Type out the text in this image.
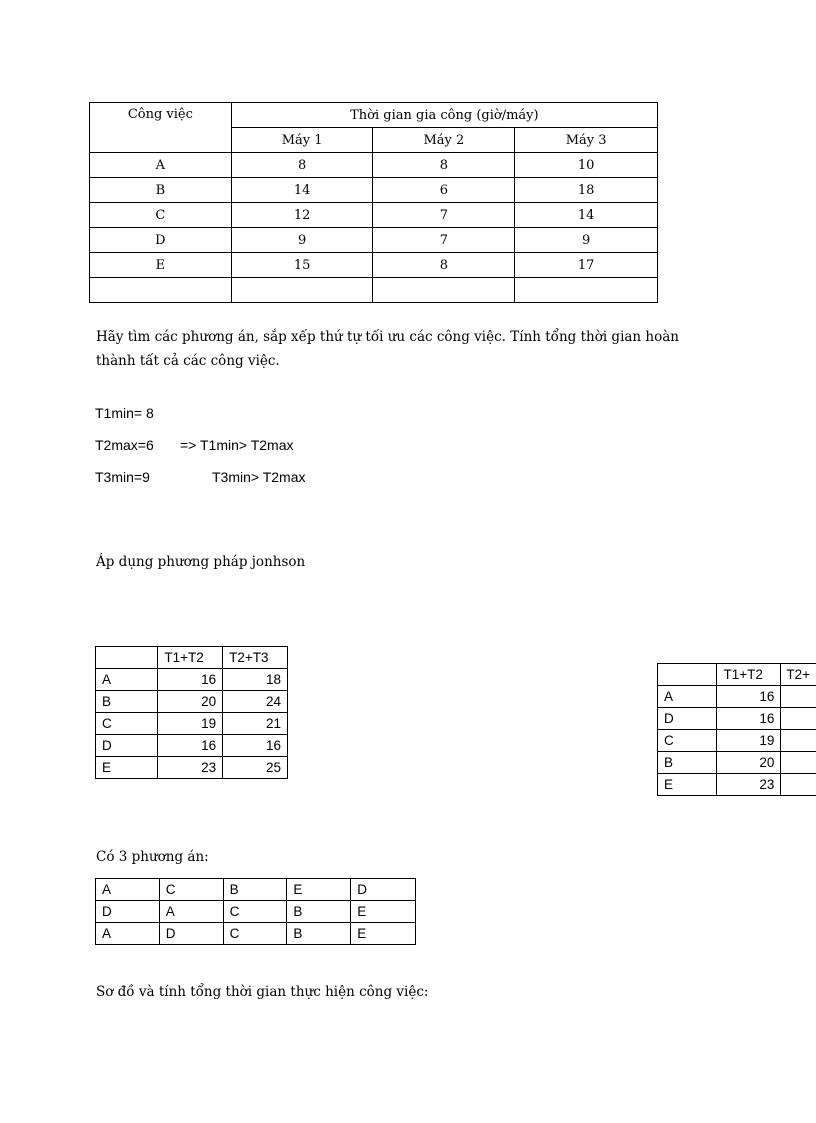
Công việc	Thời gian gia công (giờ/máy)		
	Máy 1	Máy 2	Máy 3
A	8	8	10
B	14	6	18
C	12	7	14
D	9	7	9
E	15	8	17

Hãy tìm các phương án, sắp xếp thứ tự tối ưu các công việc. Tính tổng thời gian hoàn
thành tất cả các công việc.
T1min= 8
T2max=6 => T1min> T2max
T3min=9	T3min> T2max
Áp dụng phương pháp jonhson
	T1+T2	T2+T3
A	16	18
B	20	24
C	19	21
D	16	16
E	23	25
	T1+T2	T2+
A	16	
D	16	
C	19	
B	20	
E	23	
Có 3 phương án:
A	C	B	E	D
D	A	C	B	E
A	D	C	B	E
Sơ đồ và tính tổng thời gian thực hiện công việc:
